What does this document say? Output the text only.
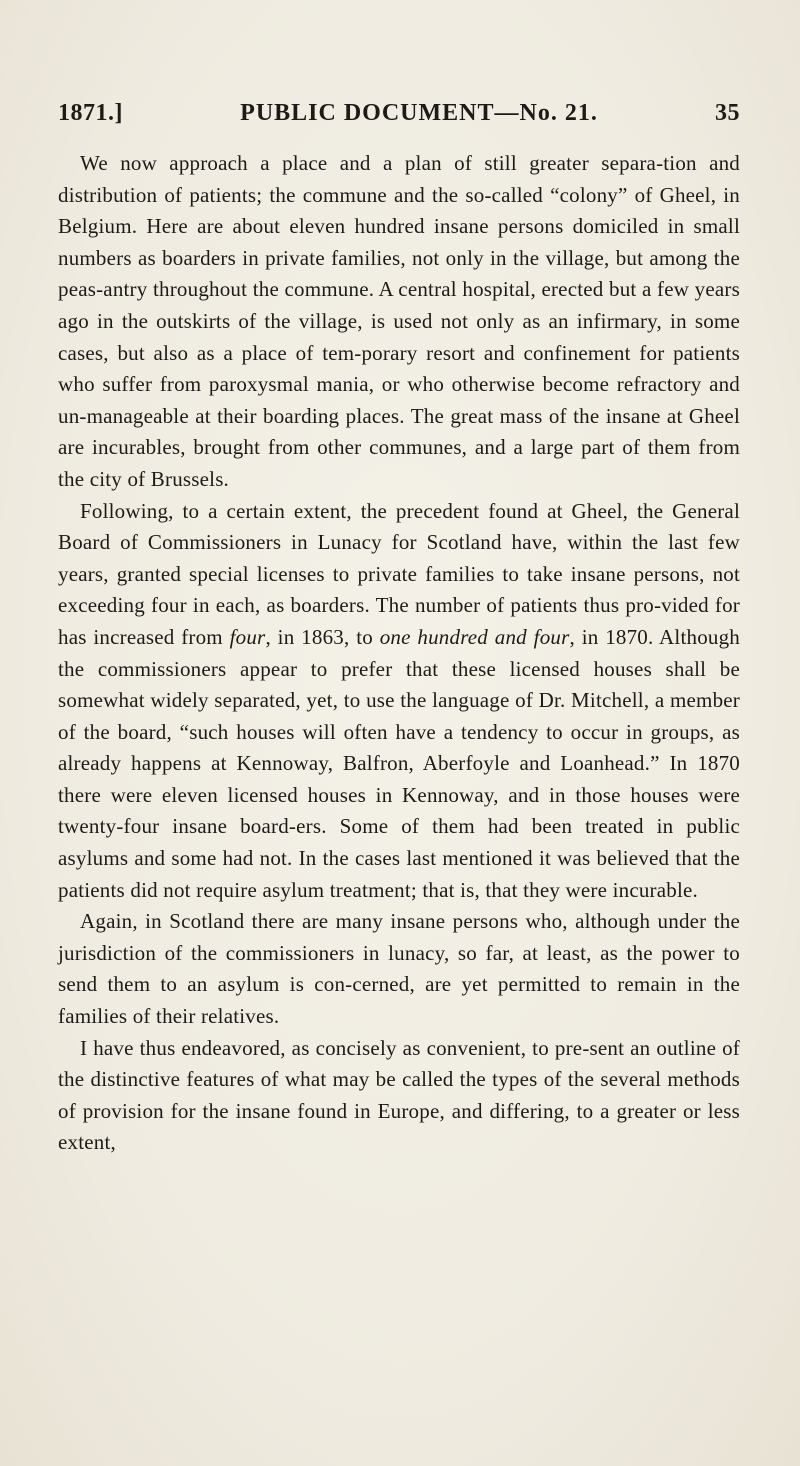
1871.]	PUBLIC DOCUMENT—No. 21.	35

We now approach a place and a plan of still greater separa-tion and distribution of patients; the commune and the so-called “colony” of Gheel, in Belgium. Here are about eleven hundred insane persons domiciled in small numbers as boarders in private families, not only in the village, but among the peas-antry throughout the commune. A central hospital, erected but a few years ago in the outskirts of the village, is used not only as an infirmary, in some cases, but also as a place of tem-porary resort and confinement for patients who suffer from paroxysmal mania, or who otherwise become refractory and un-manageable at their boarding places. The great mass of the insane at Gheel are incurables, brought from other communes, and a large part of them from the city of Brussels.

Following, to a certain extent, the precedent found at Gheel, the General Board of Commissioners in Lunacy for Scotland have, within the last few years, granted special licenses to private families to take insane persons, not exceeding four in each, as boarders. The number of patients thus pro-vided for has increased from four, in 1863, to one hundred and four, in 1870. Although the commissioners appear to prefer that these licensed houses shall be somewhat widely separated, yet, to use the language of Dr. Mitchell, a member of the board, “such houses will often have a tendency to occur in groups, as already happens at Kennoway, Balfron, Aberfoyle and Loanhead.” In 1870 there were eleven licensed houses in Kennoway, and in those houses were twenty-four insane board-ers. Some of them had been treated in public asylums and some had not. In the cases last mentioned it was believed that the patients did not require asylum treatment; that is, that they were incurable.

Again, in Scotland there are many insane persons who, although under the jurisdiction of the commissioners in lunacy, so far, at least, as the power to send them to an asylum is con-cerned, are yet permitted to remain in the families of their relatives.

I have thus endeavored, as concisely as convenient, to pre-sent an outline of the distinctive features of what may be called the types of the several methods of provision for the insane found in Europe, and differing, to a greater or less extent,
